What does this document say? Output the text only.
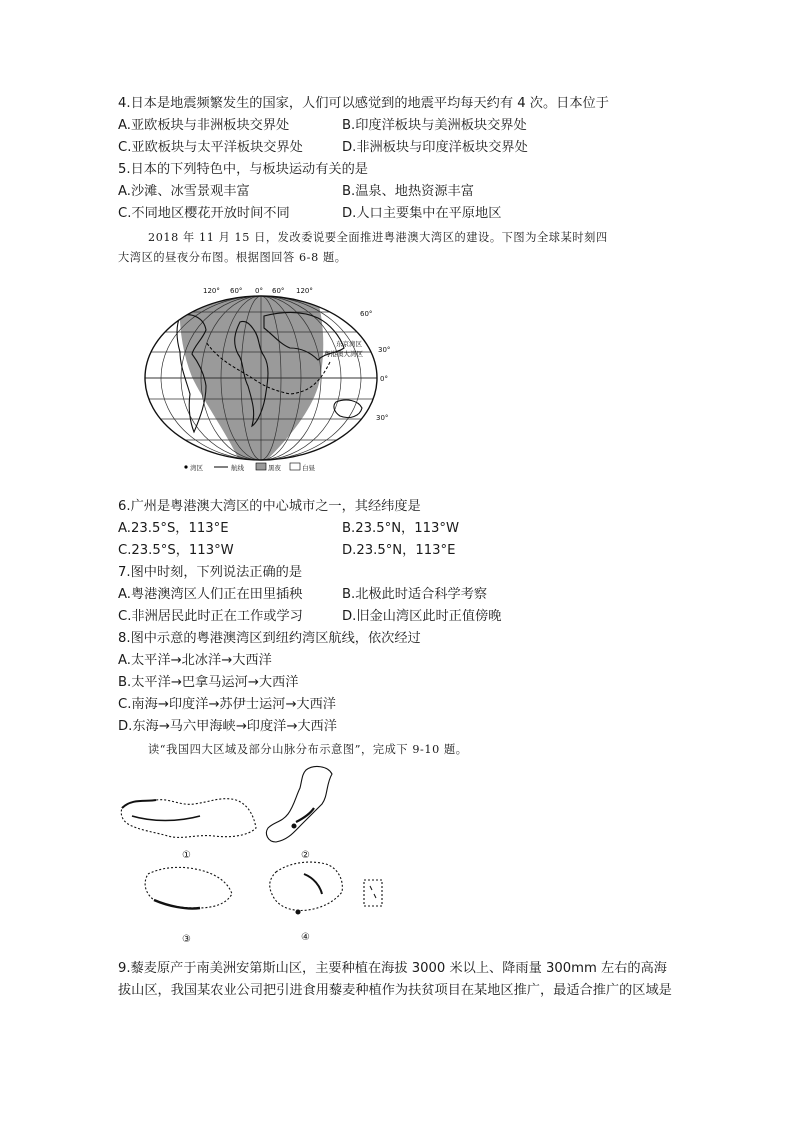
4.日本是地震频繁发生的国家，人们可以感觉到的地震平均每天约有 4 次。日本位于
A.亚欧板块与非洲板块交界处	B.印度洋板块与美洲板块交界处
C.亚欧板块与太平洋板块交界处	D.非洲板块与印度洋板块交界处
5.日本的下列特色中，与板块运动有关的是
A.沙滩、冰雪景观丰富	B.温泉、地热资源丰富
C.不同地区樱花开放时间不同	D.人口主要集中在平原地区
2018 年 11 月 15 日，发改委说要全面推进粤港澳大湾区的建设。下图为全球某时刻四
大湾区的昼夜分布图。根据图回答 6-8 题。
120° 60° 0° 60° 120°
60°
30°
0°
30°
东京湾区
粤港澳大湾区
湾区	航线	黑夜	白昼
6.广州是粤港澳大湾区的中心城市之一，其经纬度是
A.23.5°S，113°E	B.23.5°N，113°W
C.23.5°S，113°W	D.23.5°N，113°E
7.图中时刻，下列说法正确的是
A.粤港澳湾区人们正在田里插秧	B.北极此时适合科学考察
C.非洲居民此时正在工作或学习	D.旧金山湾区此时正值傍晚
8.图中示意的粤港澳湾区到纽约湾区航线，依次经过
A.太平洋→北冰洋→大西洋
B.太平洋→巴拿马运河→大西洋
C.南海→印度洋→苏伊士运河→大西洋
D.东海→马六甲海峡→印度洋→大西洋
读“我国四大区域及部分山脉分布示意图”，完成下 9-10 题。
①	②
③	④
9.藜麦原产于南美洲安第斯山区，主要种植在海拔 3000 米以上、降雨量 300mm 左右的高海拔山区，我国某农业公司把引进食用藜麦种植作为扶贫项目在某地区推广，最适合推广的区域是
